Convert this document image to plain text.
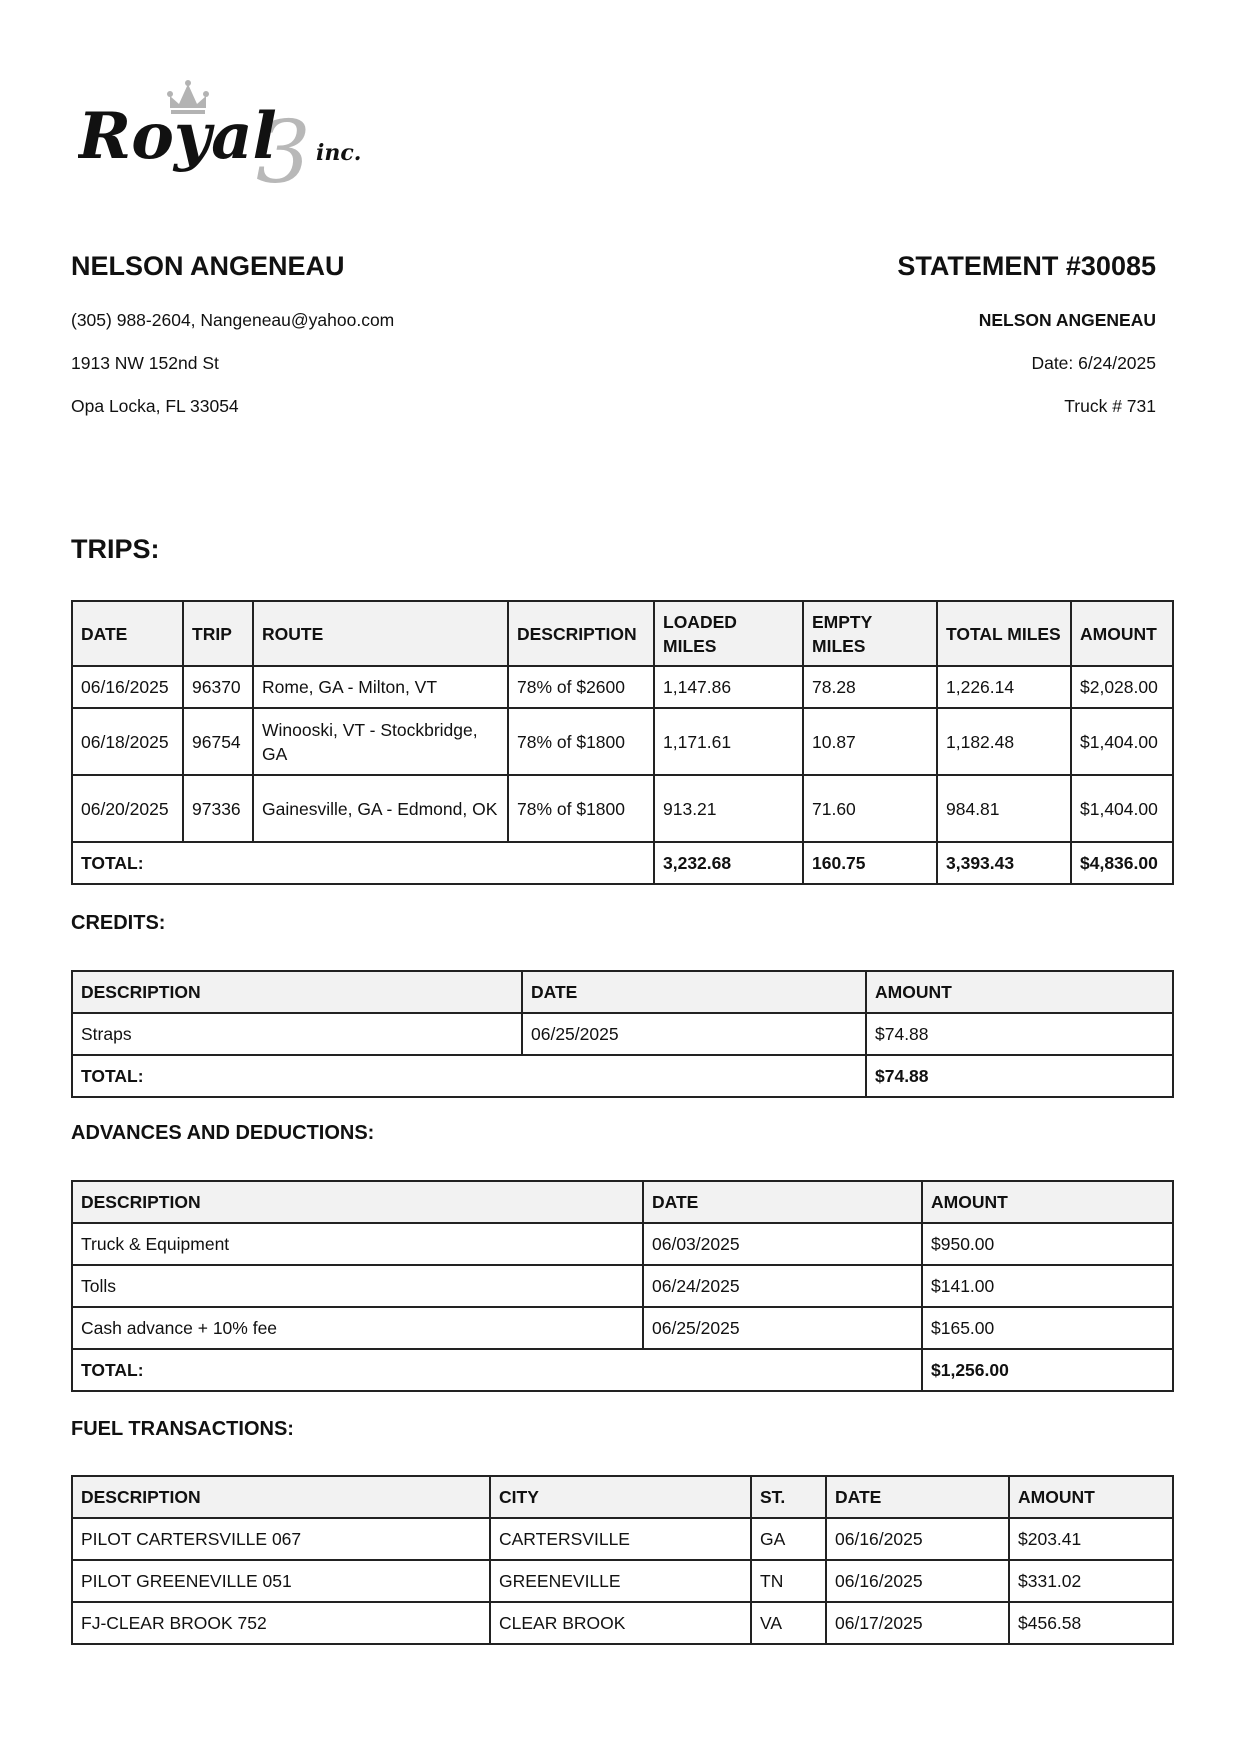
3
Royal inc.

NELSON ANGENEAU

(305) 988-2604, Nangeneau@yahoo.com

1913 NW 152nd St

Opa Locka, FL 33054

STATEMENT #30085

NELSON ANGENEAU

Date: 6/24/2025

Truck # 731

TRIPS:
DATE	TRIP	ROUTE	DESCRIPTION	LOADED MILES	EMPTY MILES	TOTAL MILES	AMOUNT
06/16/2025	96370	Rome, GA - Milton, VT	78% of $2600	1,147.86	78.28	1,226.14	$2,028.00
06/18/2025	96754	Winooski, VT - Stockbridge, GA	78% of $1800	1,171.61	10.87	1,182.48	$1,404.00
06/20/2025	97336	Gainesville, GA - Edmond, OK	78% of $1800	913.21	71.60	984.81	$1,404.00
TOTAL:				3,232.68	160.75	3,393.43	$4,836.00
CREDITS:
DESCRIPTION	DATE	AMOUNT
Straps	06/25/2025	$74.88
TOTAL:		$74.88
ADVANCES AND DEDUCTIONS:
DESCRIPTION	DATE	AMOUNT
Truck & Equipment	06/03/2025	$950.00
Tolls	06/24/2025	$141.00
Cash advance + 10% fee	06/25/2025	$165.00
TOTAL:		$1,256.00
FUEL TRANSACTIONS:
DESCRIPTION	CITY	ST.	DATE	AMOUNT
PILOT CARTERSVILLE 067	CARTERSVILLE	GA	06/16/2025	$203.41
PILOT GREENEVILLE 051	GREENEVILLE	TN	06/16/2025	$331.02
FJ-CLEAR BROOK 752	CLEAR BROOK	VA	06/17/2025	$456.58
